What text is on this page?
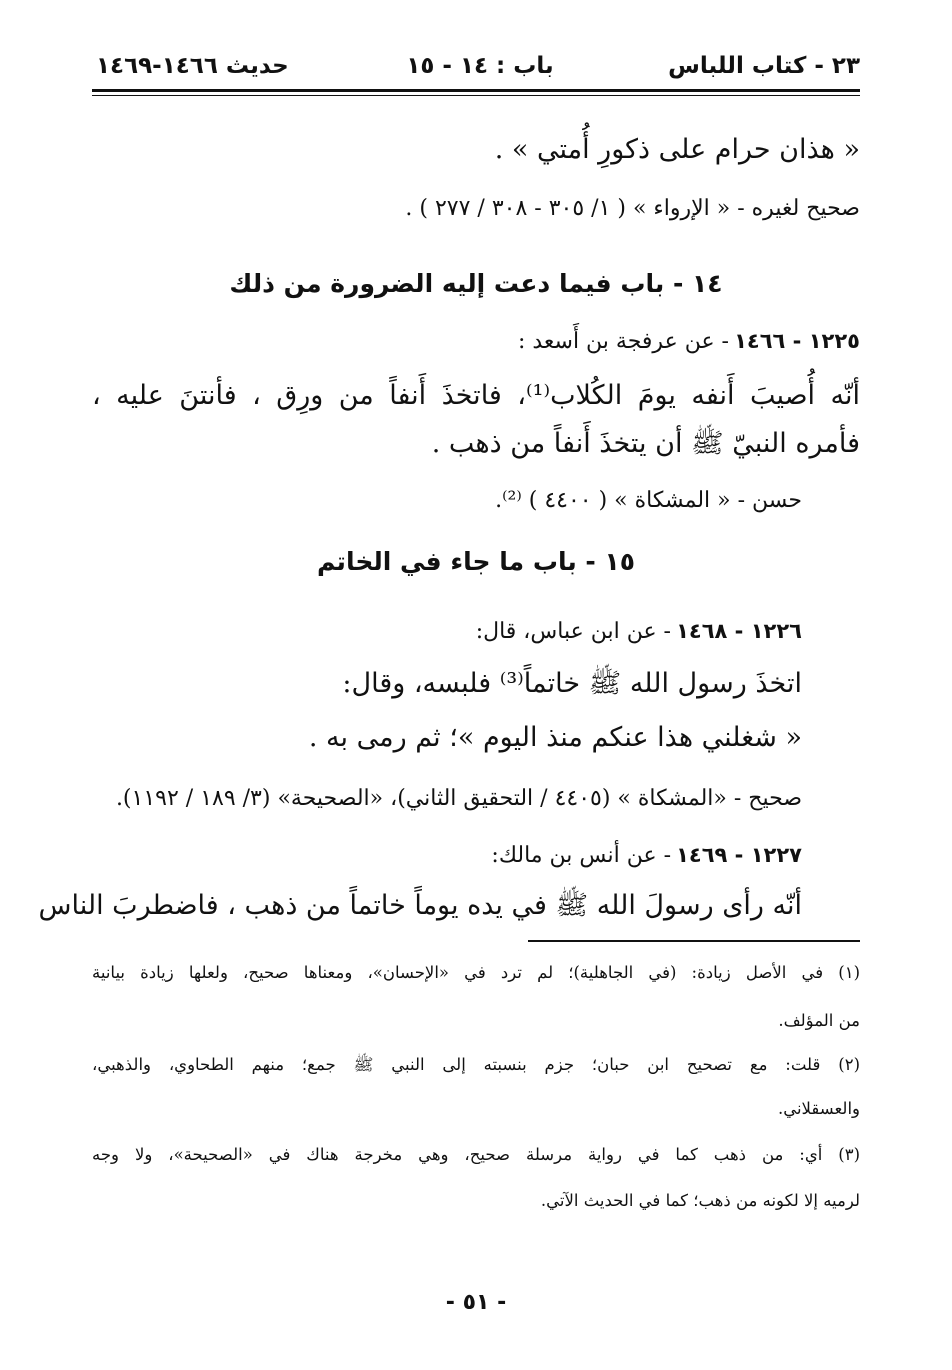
٢٣ - كتاب اللباس
باب : ١٤ - ١٥
حديث ١٤٦٦-١٤٦٩
« هذان حرام على ذكورِ أُمتي » .
صحيح لغيره - « الإرواء » ( ١/ ٣٠٥ - ٣٠٨ / ٢٧٧ ) .
١٤ - باب فيما دعت إليه الضرورة من ذلك
١٢٢٥ - ١٤٦٦ - عن عرفجة بن أَسعد :
أنّه أُصيبَ أَنفه يومَ الكُلاب⁽¹⁾، فاتخذَ أَنفاً من ورِق ، فأنتنَ عليه ،
فأمره النبيّ ﷺ أن يتخذَ أَنفاً من ذهب .
حسن - « المشكاة » ( ٤٤٠٠ ) ⁽²⁾.
١٥ - باب ما جاء في الخاتم
١٢٢٦ - ١٤٦٨ - عن ابن عباس، قال:
اتخذَ رسول الله ﷺ خاتماً⁽³⁾ فلبسه، وقال:
« شغلني هذا عنكم منذ اليوم »؛ ثم رمى به .
صحيح - «المشكاة » (٤٤٠٥ / التحقيق الثاني)، «الصحيحة» (٣/ ١٨٩ / ١١٩٢).
١٢٢٧ - ١٤٦٩ - عن أنس بن مالك:
أنّه رأى رسولَ الله ﷺ في يده يوماً خاتماً من ذهب ، فاضطربَ الناس
(١) في الأصل زيادة: (في الجاهلية)؛ لم ترد في «الإحسان»، ومعناها صحيح، ولعلها زيادة بيانية
من المؤلف.
(٢) قلت: مع تصحيح ابن حبان؛ جزم بنسبته إلى النبي ﷺ جمع؛ منهم الطحاوي، والذهبي،
والعسقلاني.
(٣) أي: من ذهب كما في رواية مرسلة صحيح، وهي مخرجة هناك في «الصحيحة»، ولا وجه
لرميه إلا لكونه من ذهب؛ كما في الحديث الآتي.
- ٥١ -
